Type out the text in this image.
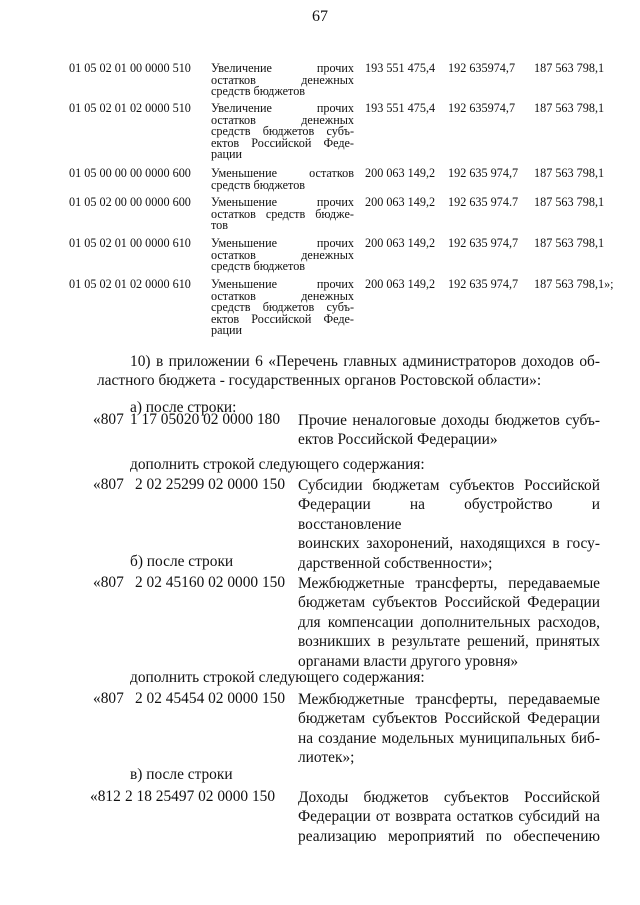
67
01 05 02 01 00 0000 510 Увеличение прочих
остатков денежных
средств бюджетов
193 551 475,4 192 635974,7 187 563 798,1
01 05 02 01 02 0000 510 Увеличение прочих
остатков денежных
средств бюджетов субъ-
ектов Российской Феде-
рации
193 551 475,4 192 635974,7 187 563 798,1
01 05 00 00 00 0000 600 Уменьшение остатков
средств бюджетов
200 063 149,2 192 635 974,7 187 563 798,1
01 05 02 00 00 0000 600 Уменьшение прочих
остатков средств бюджe-
тов
200 063 149,2 192 635 974.7 187 563 798,1
01 05 02 01 00 0000 610 Уменьшение прочих
остатков денежных
средств бюджетов
200 063 149,2 192 635 974,7 187 563 798,1
01 05 02 01 02 0000 610 Уменьшение прочих
остатков денежных
средств бюджетов субъ-
ектов Российской Феде-
рации
200 063 149,2 192 635 974,7 187 563 798,1»;
10) в приложении 6 «Перечень главных администраторов доходов об-
ластного бюджета - государственных органов Ростовской области»:
а) после строки:
«807 1 17 05020 02 0000 180 Прочие неналоговые доходы бюджетов субъ-
ектов Российской Федерации»
«807 2 02 25299 02 0000 150 Субсидии бюджетам субъектов Российской
Федерации на обустройство и восстановление
воинских захоронений, находящихся в госу-
дарственной собственности»;
«807 2 02 45160 02 0000 150 Межбюджетные трансферты, передаваемые
бюджетам субъектов Российской Федерации
для компенсации дополнительных расходов,
возникших в результате решений, принятых
органами власти другого уровня»
«807 2 02 45454 02 0000 150 Межбюджетные трансферты, передаваемые
бюджетам субъектов Российской Федерации
на создание модельных муниципальных биб-
лиотек»;
«812 2 18 25497 02 0000 150 Доходы бюджетов субъектов Российской
Федерации от возврата остатков субсидий на
реализацию мероприятий по обеспечению
дополнить строкой следующего содержания:
б) после строки
дополнить строкой следующего содержания:
в) после строки
